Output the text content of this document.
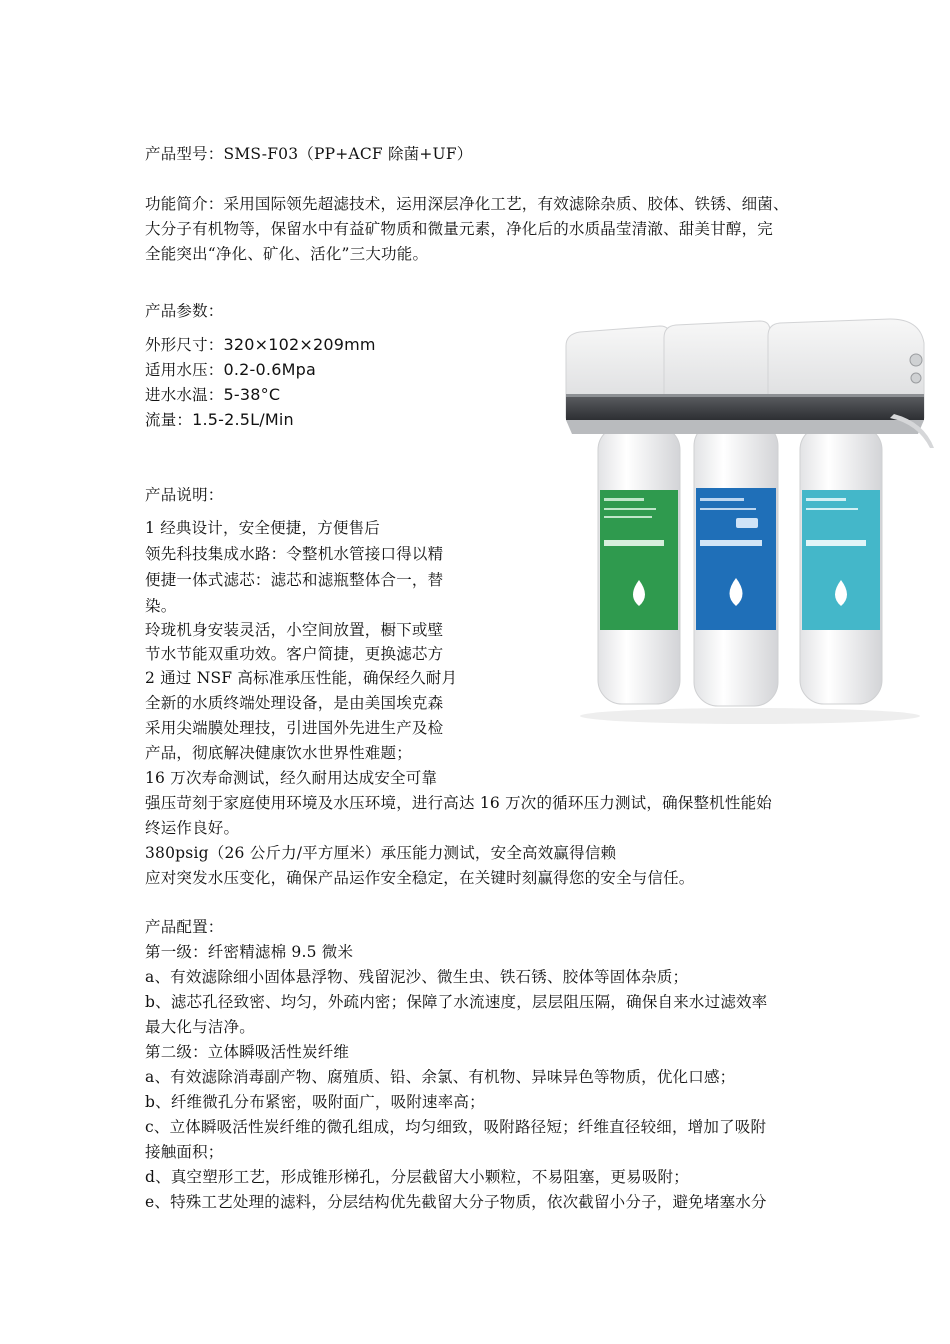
产品型号：SMS-F03（PP+ACF 除菌+UF）
功能简介：采用国际领先超滤技术，运用深层净化工艺，有效滤除杂质、胶体、铁锈、细菌、
大分子有机物等，保留水中有益矿物质和微量元素，净化后的水质晶莹清澈、甜美甘醇，完
全能突出“净化、矿化、活化”三大功能。
产品参数：
外形尺寸：320×102×209mm
适用水压：0.2-0.6Mpa
进水水温：5-38°C
流量：1.5-2.5L/Min
产品说明：
1 经典设计，安全便捷，方便售后
领先科技集成水路：令整机水管接口得以精
便捷一体式滤芯：滤芯和滤瓶整体合一，替
染。
玲珑机身安装灵活，小空间放置，橱下或壁
节水节能双重功效。客户简捷，更换滤芯方
2 通过 NSF 高标准承压性能，确保经久耐月
全新的水质终端处理设备，是由美国埃克森
采用尖端膜处理技，引进国外先进生产及检
产品，彻底解决健康饮水世界性难题；
16 万次寿命测试，经久耐用达成安全可靠
强压苛刻于家庭使用环境及水压环境，进行高达 16 万次的循环压力测试，确保整机性能始
终运作良好。
380psig（26 公斤力/平方厘米）承压能力测试，安全高效赢得信赖
应对突发水压变化，确保产品运作安全稳定，在关键时刻赢得您的安全与信任。
产品配置：
第一级：纤密精滤棉 9.5 微米
a、有效滤除细小固体悬浮物、残留泥沙、微生虫、铁石锈、胶体等固体杂质；
b、滤芯孔径致密、均匀，外疏内密；保障了水流速度，层层阻压隔，确保自来水过滤效率
最大化与洁净。
第二级：立体瞬吸活性炭纤维
a、有效滤除消毒副产物、腐殖质、铅、余氯、有机物、异味异色等物质，优化口感；
b、纤维微孔分布紧密，吸附面广，吸附速率高；
c、立体瞬吸活性炭纤维的微孔组成，均匀细致，吸附路径短；纤维直径较细，增加了吸附
接触面积；
d、真空塑形工艺，形成锥形梯孔，分层截留大小颗粒，不易阻塞，更易吸附；
e、特殊工艺处理的滤料，分层结构优先截留大分子物质，依次截留小分子，避免堵塞水分
